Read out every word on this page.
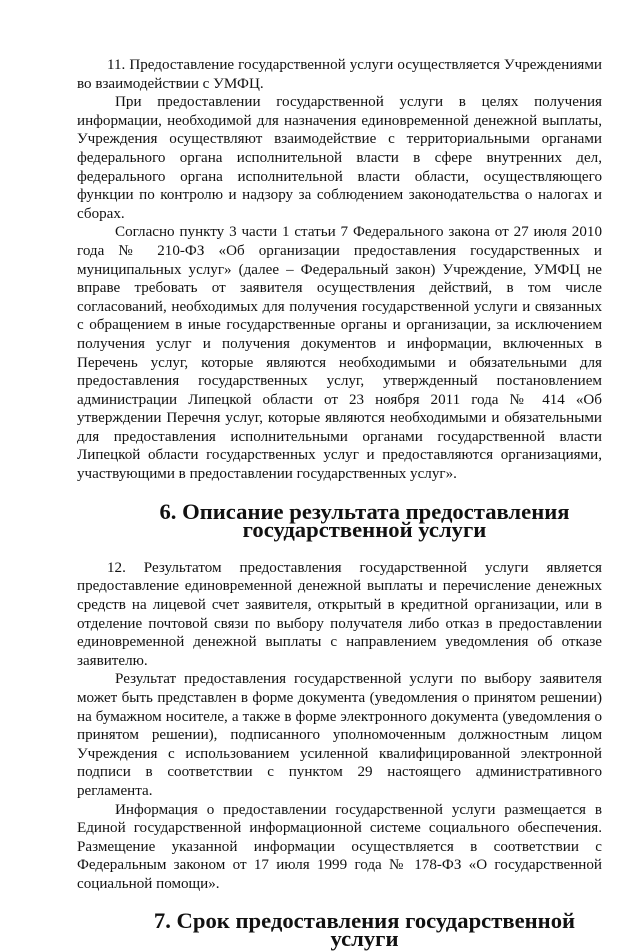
11. Предоставление государственной услуги осуществляется Учреждениями во взаимодействии с УМФЦ.

При предоставлении государственной услуги в целях получения информации, необходимой для назначения единовременной денежной выплаты, Учреждения осуществляют взаимодействие с территориальными органами федерального органа исполнительной власти в сфере внутренних дел, федерального органа исполнительной власти области, осуществляющего функции по контролю и надзору за соблюдением законодательства о налогах и сборах.

Согласно пункту 3 части 1 статьи 7 Федерального закона от 27 июля 2010 года № 210-ФЗ «Об организации предоставления государственных и муниципальных услуг» (далее – Федеральный закон) Учреждение, УМФЦ не вправе требовать от заявителя осуществления действий, в том числе согласований, необходимых для получения государственной услуги и связанных с обращением в иные государственные органы и организации, за исключением получения услуг и получения документов и информации, включенных в Перечень услуг, которые являются необходимыми и обязательными для предоставления государственных услуг, утвержденный постановлением администрации Липецкой области от 23 ноября 2011 года № 414 «Об утверждении Перечня услуг, которые являются необходимыми и обязательными для предоставления исполнительными органами государственной власти Липецкой области государственных услуг и предоставляются организациями, участвующими в предоставлении государственных услуг».

6. Описание результата предоставления государственной услуги

12. Результатом предоставления государственной услуги является предоставление единовременной денежной выплаты и перечисление денежных средств на лицевой счет заявителя, открытый в кредитной организации, или в отделение почтовой связи по выбору получателя либо отказ в предоставлении единовременной денежной выплаты с направлением уведомления об отказе заявителю.

Результат предоставления государственной услуги по выбору заявителя может быть представлен в форме документа (уведомления о принятом решении) на бумажном носителе, а также в форме электронного документа (уведомления о принятом решении), подписанного уполномоченным должностным лицом Учреждения с использованием усиленной квалифицированной электронной подписи в соответствии с пунктом 29 настоящего административного регламента.

Информация о предоставлении государственной услуги размещается в Единой государственной информационной системе социального обеспечения. Размещение указанной информации осуществляется в соответствии с Федеральным законом от 17 июля 1999 года № 178-ФЗ «О государственной социальной помощи».

7. Срок предоставления государственной услуги
